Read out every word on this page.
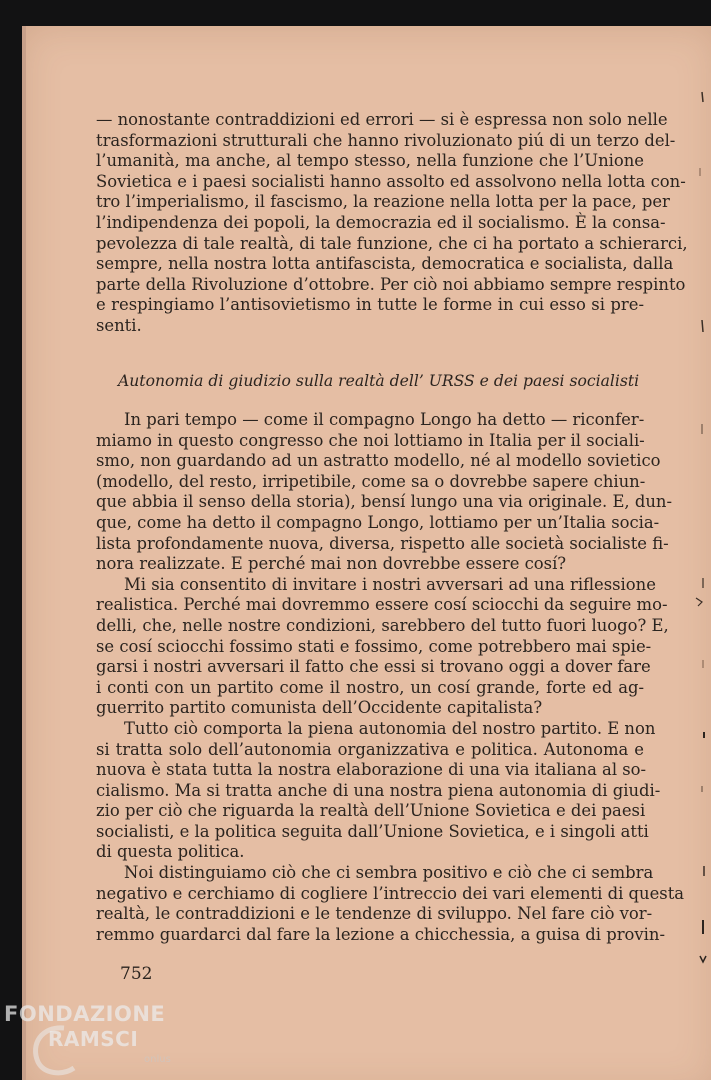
— nonostante contraddizioni ed errori — si è espressa non solo nelle
trasformazioni strutturali che hanno rivoluzionato piú di un terzo del-
l’umanità, ma anche, al tempo stesso, nella funzione che l’Unione
Sovietica e i paesi socialisti hanno assolto ed assolvono nella lotta con-
tro l’imperialismo, il fascismo, la reazione nella lotta per la pace, per
l’indipendenza dei popoli, la democrazia ed il socialismo. È la consa-
pevolezza di tale realtà, di tale funzione, che ci ha portato a schierarci,
sempre, nella nostra lotta antifascista, democratica e socialista, dalla
parte della Rivoluzione d’ottobre. Per ciò noi abbiamo sempre respinto
e respingiamo l’antisovietismo in tutte le forme in cui esso si pre-
senti.
Autonomia di giudizio sulla realtà dell’ URSS e dei paesi socialisti
In pari tempo — come il compagno Longo ha detto — riconfer-
miamo in questo congresso che noi lottiamo in Italia per il sociali-
smo, non guardando ad un astratto modello, né al modello sovietico
(modello, del resto, irripetibile, come sa o dovrebbe sapere chiun-
que abbia il senso della storia), bensí lungo una via originale. E, dun-
que, come ha detto il compagno Longo, lottiamo per un’Italia socia-
lista profondamente nuova, diversa, rispetto alle società socialiste fi-
nora realizzate. E perché mai non dovrebbe essere cosí?
Mi sia consentito di invitare i nostri avversari ad una riflessione
realistica. Perché mai dovremmo essere cosí sciocchi da seguire mo-
delli, che, nelle nostre condizioni, sarebbero del tutto fuori luogo? E,
se cosí sciocchi fossimo stati e fossimo, come potrebbero mai spie-
garsi i nostri avversari il fatto che essi si trovano oggi a dover fare
i conti con un partito come il nostro, un cosí grande, forte ed ag-
guerrito partito comunista dell’Occidente capitalista?
Tutto ciò comporta la piena autonomia del nostro partito. E non
si tratta solo dell’autonomia organizzativa e politica. Autonoma e
nuova è stata tutta la nostra elaborazione di una via italiana al so-
cialismo. Ma si tratta anche di una nostra piena autonomia di giudi-
zio per ciò che riguarda la realtà dell’Unione Sovietica e dei paesi
socialisti, e la politica seguita dall’Unione Sovietica, e i singoli atti
di questa politica.
Noi distinguiamo ciò che ci sembra positivo e ciò che ci sembra
negativo e cerchiamo di cogliere l’intreccio dei vari elementi di questa
realtà, le contraddizioni e le tendenze di sviluppo. Nel fare ciò vor-
remmo guardarci dal fare la lezione a chicchessia, a guisa di provin-
752
FONDAZIONE
RAMSCI
onlus
